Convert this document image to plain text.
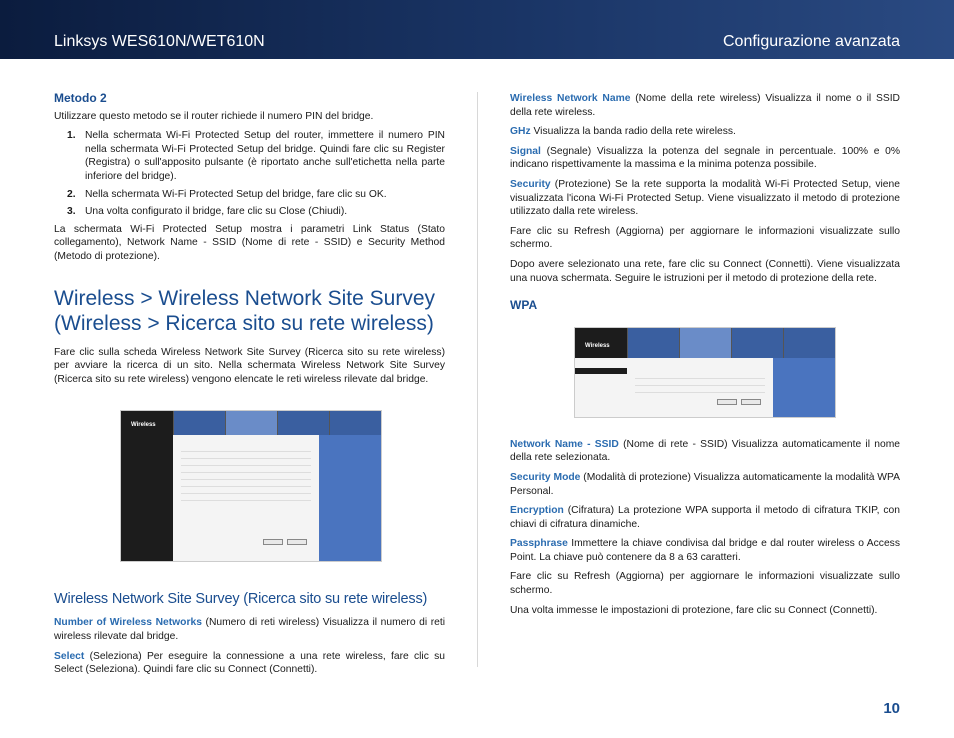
Linksys WES610N/WET610N	Configurazione avanzata
Metodo 2

Utilizzare questo metodo se il router richiede il numero PIN del bridge.

1. Nella schermata Wi-Fi Protected Setup del router, immettere il numero PIN nella schermata Wi-Fi Protected Setup del bridge. Quindi fare clic su Register (Registra) o sull'apposito pulsante (è riportato anche sull'etichetta nella parte inferiore del bridge).
2. Nella schermata Wi-Fi Protected Setup del bridge, fare clic su OK.
3. Una volta configurato il bridge, fare clic su Close (Chiudi).

La schermata Wi-Fi Protected Setup mostra i parametri Link Status (Stato collegamento), Network Name - SSID (Nome di rete - SSID) e Security Method (Metodo di protezione).

Wireless > Wireless Network Site Survey
(Wireless > Ricerca sito su rete wireless)

Fare clic sulla scheda Wireless Network Site Survey (Ricerca sito su rete wireless) per avviare la ricerca di un sito. Nella schermata Wireless Network Site Survey (Ricerca sito su rete wireless) vengono elencate le reti wireless rilevate dal bridge.

Wireless
Wireless Network Site Survey (Ricerca sito su rete wireless)

Number of Wireless Networks (Numero di reti wireless) Visualizza il numero di reti wireless rilevate dal bridge.

Select (Seleziona) Per eseguire la connessione a una rete wireless, fare clic su Select (Seleziona). Quindi fare clic su Connect (Connetti).

Wireless Network Name (Nome della rete wireless) Visualizza il nome o il SSID della rete wireless.

GHz Visualizza la banda radio della rete wireless.

Signal (Segnale) Visualizza la potenza del segnale in percentuale. 100% e 0% indicano rispettivamente la massima e la minima potenza possibile.

Security (Protezione) Se la rete supporta la modalità Wi-Fi Protected Setup, viene visualizzata l'icona Wi-Fi Protected Setup. Viene visualizzato il metodo di protezione utilizzato dalla rete wireless.

Fare clic su Refresh (Aggiorna) per aggiornare le informazioni visualizzate sullo schermo.

Dopo avere selezionato una rete, fare clic su Connect (Connetti). Viene visualizzata una nuova schermata. Seguire le istruzioni per il metodo di protezione della rete.

WPA
Wireless

Network Name - SSID (Nome di rete - SSID) Visualizza automaticamente il nome della rete selezionata.

Security Mode (Modalità di protezione) Visualizza automaticamente la modalità WPA Personal.

Encryption (Cifratura) La protezione WPA supporta il metodo di cifratura TKIP, con chiavi di cifratura dinamiche.

Passphrase Immettere la chiave condivisa dal bridge e dal router wireless o Access Point. La chiave può contenere da 8 a 63 caratteri.

Fare clic su Refresh (Aggiorna) per aggiornare le informazioni visualizzate sullo schermo.

Una volta immesse le impostazioni di protezione, fare clic su Connect (Connetti).

10
